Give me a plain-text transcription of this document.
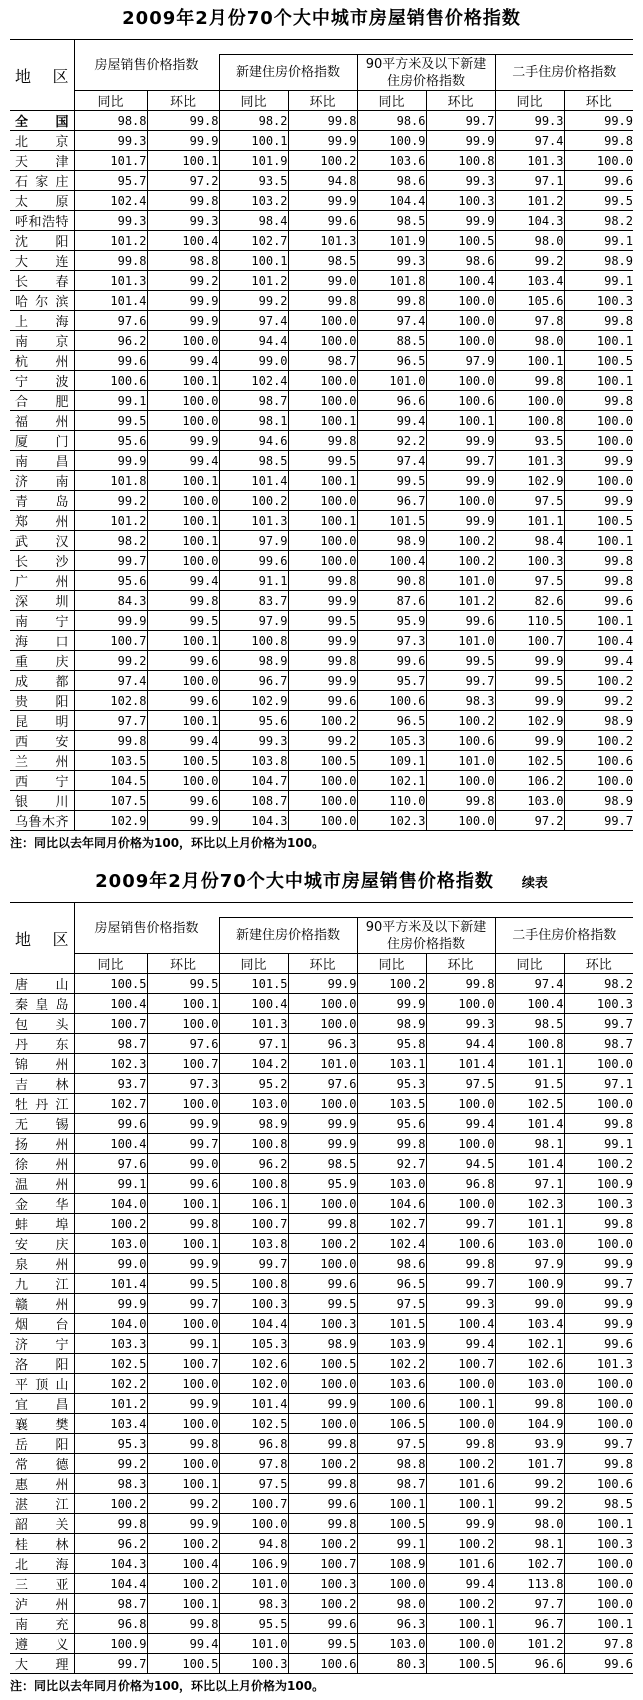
2009年2月份70个大中城市房屋销售价格指数
地 区	房屋销售价格指数							

			新建住房价格指数		90平方米及以下新建
住房价格指数		二手住房价格指数	

	同比	环比	同比	环比	同比	环比	同比	环比

全 国	98.8	99.8	98.2	99.8	98.6	99.7	99.3	99.9

北 京	99.3	99.9	100.1	99.9	100.9	99.9	97.4	99.8

天 津	101.7	100.1	101.9	100.2	103.6	100.8	101.3	100.0

石 家 庄	95.7	97.2	93.5	94.8	98.6	99.3	97.1	99.6

太 原	102.4	99.8	103.2	99.9	104.4	100.3	101.2	99.5

呼 和 浩 特	99.3	99.3	98.4	99.6	98.5	99.9	104.3	98.2

沈 阳	101.2	100.4	102.7	101.3	101.9	100.5	98.0	99.1

大 连	99.8	98.8	100.1	98.5	99.3	98.6	99.2	98.9

长 春	101.3	99.2	101.2	99.0	101.8	100.4	103.4	99.1

哈 尔 滨	101.4	99.9	99.2	99.8	99.8	100.0	105.6	100.3

上 海	97.6	99.9	97.4	100.0	97.4	100.0	97.8	99.8

南 京	96.2	100.0	94.4	100.0	88.5	100.0	98.0	100.1

杭 州	99.6	99.4	99.0	98.7	96.5	97.9	100.1	100.5

宁 波	100.6	100.1	102.4	100.0	101.0	100.0	99.8	100.1

合 肥	99.1	100.0	98.7	100.0	96.6	100.6	100.0	99.8

福 州	99.5	100.0	98.1	100.1	99.4	100.1	100.8	100.0

厦 门	95.6	99.9	94.6	99.8	92.2	99.9	93.5	100.0

南 昌	99.9	99.4	98.5	99.5	97.4	99.7	101.3	99.9

济 南	101.8	100.1	101.4	100.1	99.5	99.9	102.9	100.0

青 岛	99.2	100.0	100.2	100.0	96.7	100.0	97.5	99.9

郑 州	101.2	100.1	101.3	100.1	101.5	99.9	101.1	100.5

武 汉	98.2	100.1	97.9	100.0	98.9	100.2	98.4	100.1

长 沙	99.7	100.0	99.6	100.0	100.4	100.2	100.3	99.8

广 州	95.6	99.4	91.1	99.8	90.8	101.0	97.5	99.8

深 圳	84.3	99.8	83.7	99.9	87.6	101.2	82.6	99.6

南 宁	99.9	99.5	97.9	99.5	95.9	99.6	110.5	100.1

海 口	100.7	100.1	100.8	99.9	97.3	101.0	100.7	100.4

重 庆	99.2	99.6	98.9	99.8	99.6	99.5	99.9	99.4

成 都	97.4	100.0	96.7	99.9	95.7	99.7	99.5	100.2

贵 阳	102.8	99.6	102.9	99.6	100.6	98.3	99.9	99.2

昆 明	97.7	100.1	95.6	100.2	96.5	100.2	102.9	98.9

西 安	99.8	99.4	99.3	99.2	105.3	100.6	99.9	100.2

兰 州	103.5	100.5	103.8	100.5	109.1	101.0	102.5	100.6

西 宁	104.5	100.0	104.7	100.0	102.1	100.0	106.2	100.0

银 川	107.5	99.6	108.7	100.0	110.0	99.8	103.0	98.9

乌 鲁 木 齐	102.9	99.9	104.3	100.0	102.3	100.0	97.2	99.7
注：同比以去年同月价格为100，环比以上月价格为100。
2009年2月份70个大中城市房屋销售价格指数 续表
地 区	房屋销售价格指数							

			新建住房价格指数		90平方米及以下新建
住房价格指数		二手住房价格指数	

	同比	环比	同比	环比	同比	环比	同比	环比

唐 山	100.5	99.5	101.5	99.9	100.2	99.8	97.4	98.2

秦 皇 岛	100.4	100.1	100.4	100.0	99.9	100.0	100.4	100.3

包 头	100.7	100.0	101.3	100.0	98.9	99.3	98.5	99.7

丹 东	98.7	97.6	97.1	96.3	95.8	94.4	100.8	98.7

锦 州	102.3	100.7	104.2	101.0	103.1	101.4	101.1	100.0

吉 林	93.7	97.3	95.2	97.6	95.3	97.5	91.5	97.1

牡 丹 江	102.7	100.0	103.0	100.0	103.5	100.0	102.5	100.0

无 锡	99.6	99.9	98.9	99.9	95.6	99.4	101.4	99.8

扬 州	100.4	99.7	100.8	99.9	99.8	100.0	98.1	99.1

徐 州	97.6	99.0	96.2	98.5	92.7	94.5	101.4	100.2

温 州	99.1	99.6	100.8	95.9	103.0	96.8	97.1	100.9

金 华	104.0	100.1	106.1	100.0	104.6	100.0	102.3	100.3

蚌 埠	100.2	99.8	100.7	99.8	102.7	99.7	101.1	99.8

安 庆	103.0	100.1	103.8	100.2	102.4	100.6	103.0	100.0

泉 州	99.0	99.9	99.7	100.0	98.6	99.8	97.9	99.9

九 江	101.4	99.5	100.8	99.6	96.5	99.7	100.9	99.7

赣 州	99.9	99.7	100.3	99.5	97.5	99.3	99.0	99.9

烟 台	104.0	100.0	104.4	100.3	101.5	100.4	103.4	99.9

济 宁	103.3	99.1	105.3	98.9	103.9	99.4	102.1	99.6

洛 阳	102.5	100.7	102.6	100.5	102.2	100.7	102.6	101.3

平 顶 山	102.2	100.0	102.0	100.0	103.6	100.0	103.0	100.0

宜 昌	101.2	99.9	101.4	99.9	100.6	100.1	99.8	100.0

襄 樊	103.4	100.0	102.5	100.0	106.5	100.0	104.9	100.0

岳 阳	95.3	99.8	96.8	99.8	97.5	99.8	93.9	99.7

常 德	99.2	100.0	97.8	100.2	98.8	100.2	101.7	99.8

惠 州	98.3	100.1	97.5	99.8	98.7	101.6	99.2	100.6

湛 江	100.2	99.2	100.7	99.6	100.1	100.1	99.2	98.5

韶 关	99.8	99.9	100.0	99.8	100.5	99.9	98.0	100.1

桂 林	96.2	100.2	94.8	100.2	99.1	100.2	98.1	100.3

北 海	104.3	100.4	106.9	100.7	108.9	101.6	102.7	100.0

三 亚	104.4	100.2	101.0	100.3	100.0	99.4	113.8	100.0

泸 州	98.7	100.1	98.3	100.2	98.0	100.2	97.7	100.0

南 充	96.8	99.8	95.5	99.6	96.3	100.1	96.7	100.1

遵 义	100.9	99.4	101.0	99.5	103.0	100.0	101.2	97.8

大 理	99.7	100.5	100.3	100.6	80.3	100.5	96.6	99.6
注：同比以去年同月价格为100，环比以上月价格为100。
